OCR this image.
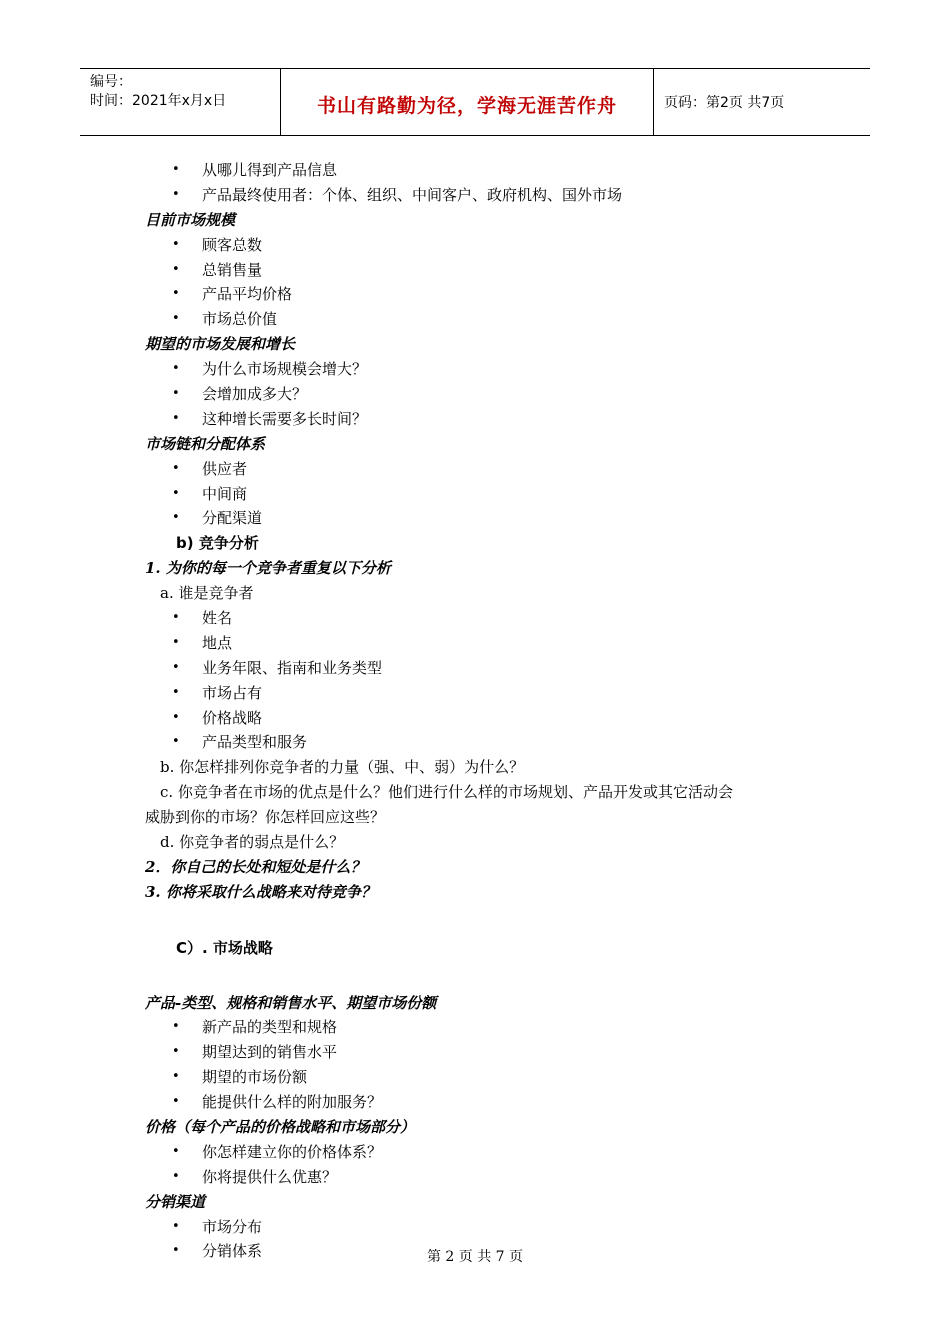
编号：
时间：2021年x月x日	书山有路勤为径，学海无涯苦作舟	页码：第2页 共7页
• 从哪儿得到产品信息
• 产品最终使用者：个体、组织、中间客户、政府机构、国外市场
目前市场规模
• 顾客总数
• 总销售量
• 产品平均价格
• 市场总价值
期望的市场发展和增长
• 为什么市场规模会增大？
• 会增加成多大？
• 这种增长需要多长时间？
市场链和分配体系
• 供应者
• 中间商
• 分配渠道
b) 竞争分析
1. 为你的每一个竞争者重复以下分析
a. 谁是竞争者
• 姓名
• 地点
• 业务年限、指南和业务类型
• 市场占有
• 价格战略
• 产品类型和服务
b. 你怎样排列你竞争者的力量（强、中、弱）为什么？
c. 你竞争者在市场的优点是什么？他们进行什么样的市场规划、产品开发或其它活动会
威胁到你的市场？你怎样回应这些？
d. 你竞争者的弱点是什么？
2．你自己的长处和短处是什么？
3. 你将采取什么战略来对待竞争？
C）. 市场战略
产品-类型、规格和销售水平、期望市场份额
• 新产品的类型和规格
• 期望达到的销售水平
• 期望的市场份额
• 能提供什么样的附加服务？
价格（每个产品的价格战略和市场部分）
• 你怎样建立你的价格体系？
• 你将提供什么优惠？
分销渠道
• 市场分布
• 分销体系	第 2 页 共 7 页
